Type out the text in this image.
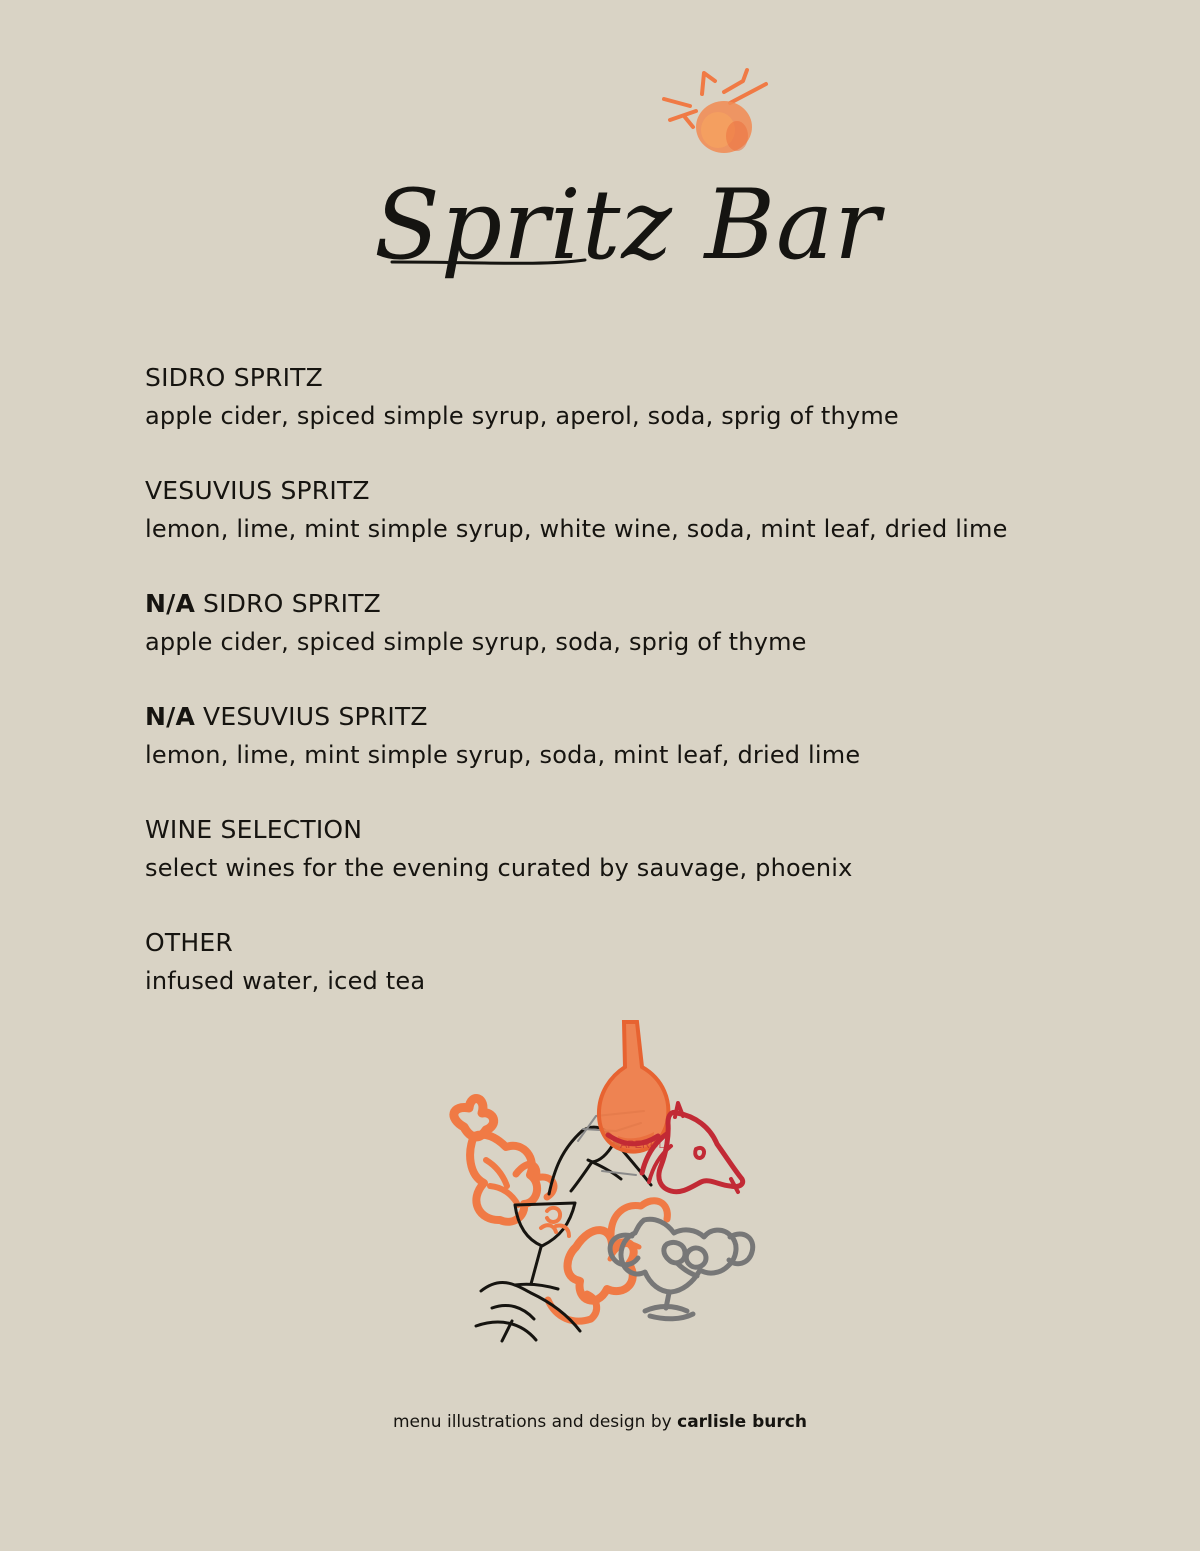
Spritz Bar
SIDRO SPRITZ
apple cider, spiced simple syrup, aperol, soda, sprig of thyme
VESUVIUS SPRITZ
lemon, lime, mint simple syrup, white wine, soda, mint leaf, dried lime
N/A SIDRO SPRITZ
apple cider, spiced simple syrup, soda, sprig of thyme
N/A VESUVIUS SPRITZ
lemon, lime, mint simple syrup, soda, mint leaf, dried lime
WINE SELECTION
select wines for the evening curated by sauvage, phoenix
OTHER
infused water, iced tea
APEROL
menu illustrations and design by carlisle burch
